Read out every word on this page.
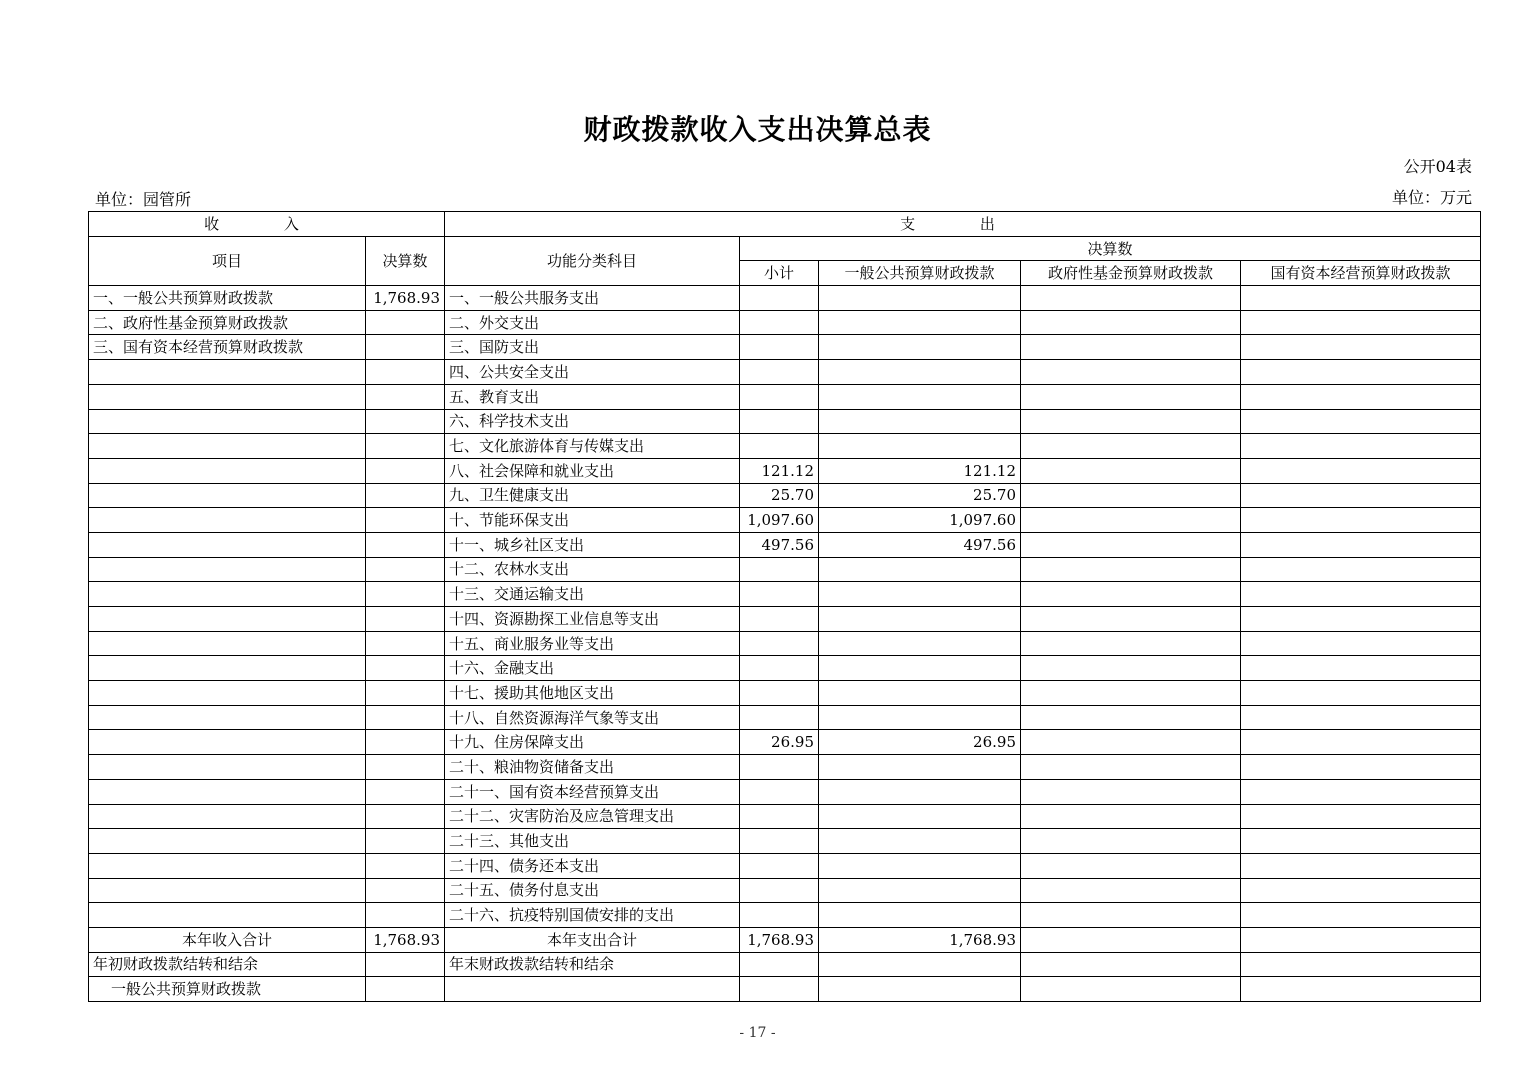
财政拨款收入支出决算总表
公开04表
单位：园管所	单位：万元
收 入		支 出				
项目	决算数	功能分类科目	决算数			
			小计	一般公共预算财政拨款	政府性基金预算财政拨款	国有资本经营预算财政拨款
一、一般公共预算财政拨款	1,768.93	一、一般公共服务支出				
二、政府性基金预算财政拨款		二、外交支出				
三、国有资本经营预算财政拨款		三、国防支出				
		四、公共安全支出				
		五、教育支出				
		六、科学技术支出				
		七、文化旅游体育与传媒支出				
		八、社会保障和就业支出	121.12	121.12		
		九、卫生健康支出	25.70	25.70		
		十、节能环保支出	1,097.60	1,097.60		
		十一、城乡社区支出	497.56	497.56		
		十二、农林水支出				
		十三、交通运输支出				
		十四、资源勘探工业信息等支出				
		十五、商业服务业等支出				
		十六、金融支出				
		十七、援助其他地区支出				
		十八、自然资源海洋气象等支出				
		十九、住房保障支出	26.95	26.95		
		二十、粮油物资储备支出				
		二十一、国有资本经营预算支出				
		二十二、灾害防治及应急管理支出				
		二十三、其他支出				
		二十四、债务还本支出				
		二十五、债务付息支出				
		二十六、抗疫特别国债安排的支出				
本年收入合计	1,768.93	本年支出合计	1,768.93	1,768.93		
年初财政拨款结转和结余		年末财政拨款结转和结余				
一般公共预算财政拨款						
- 17 -
